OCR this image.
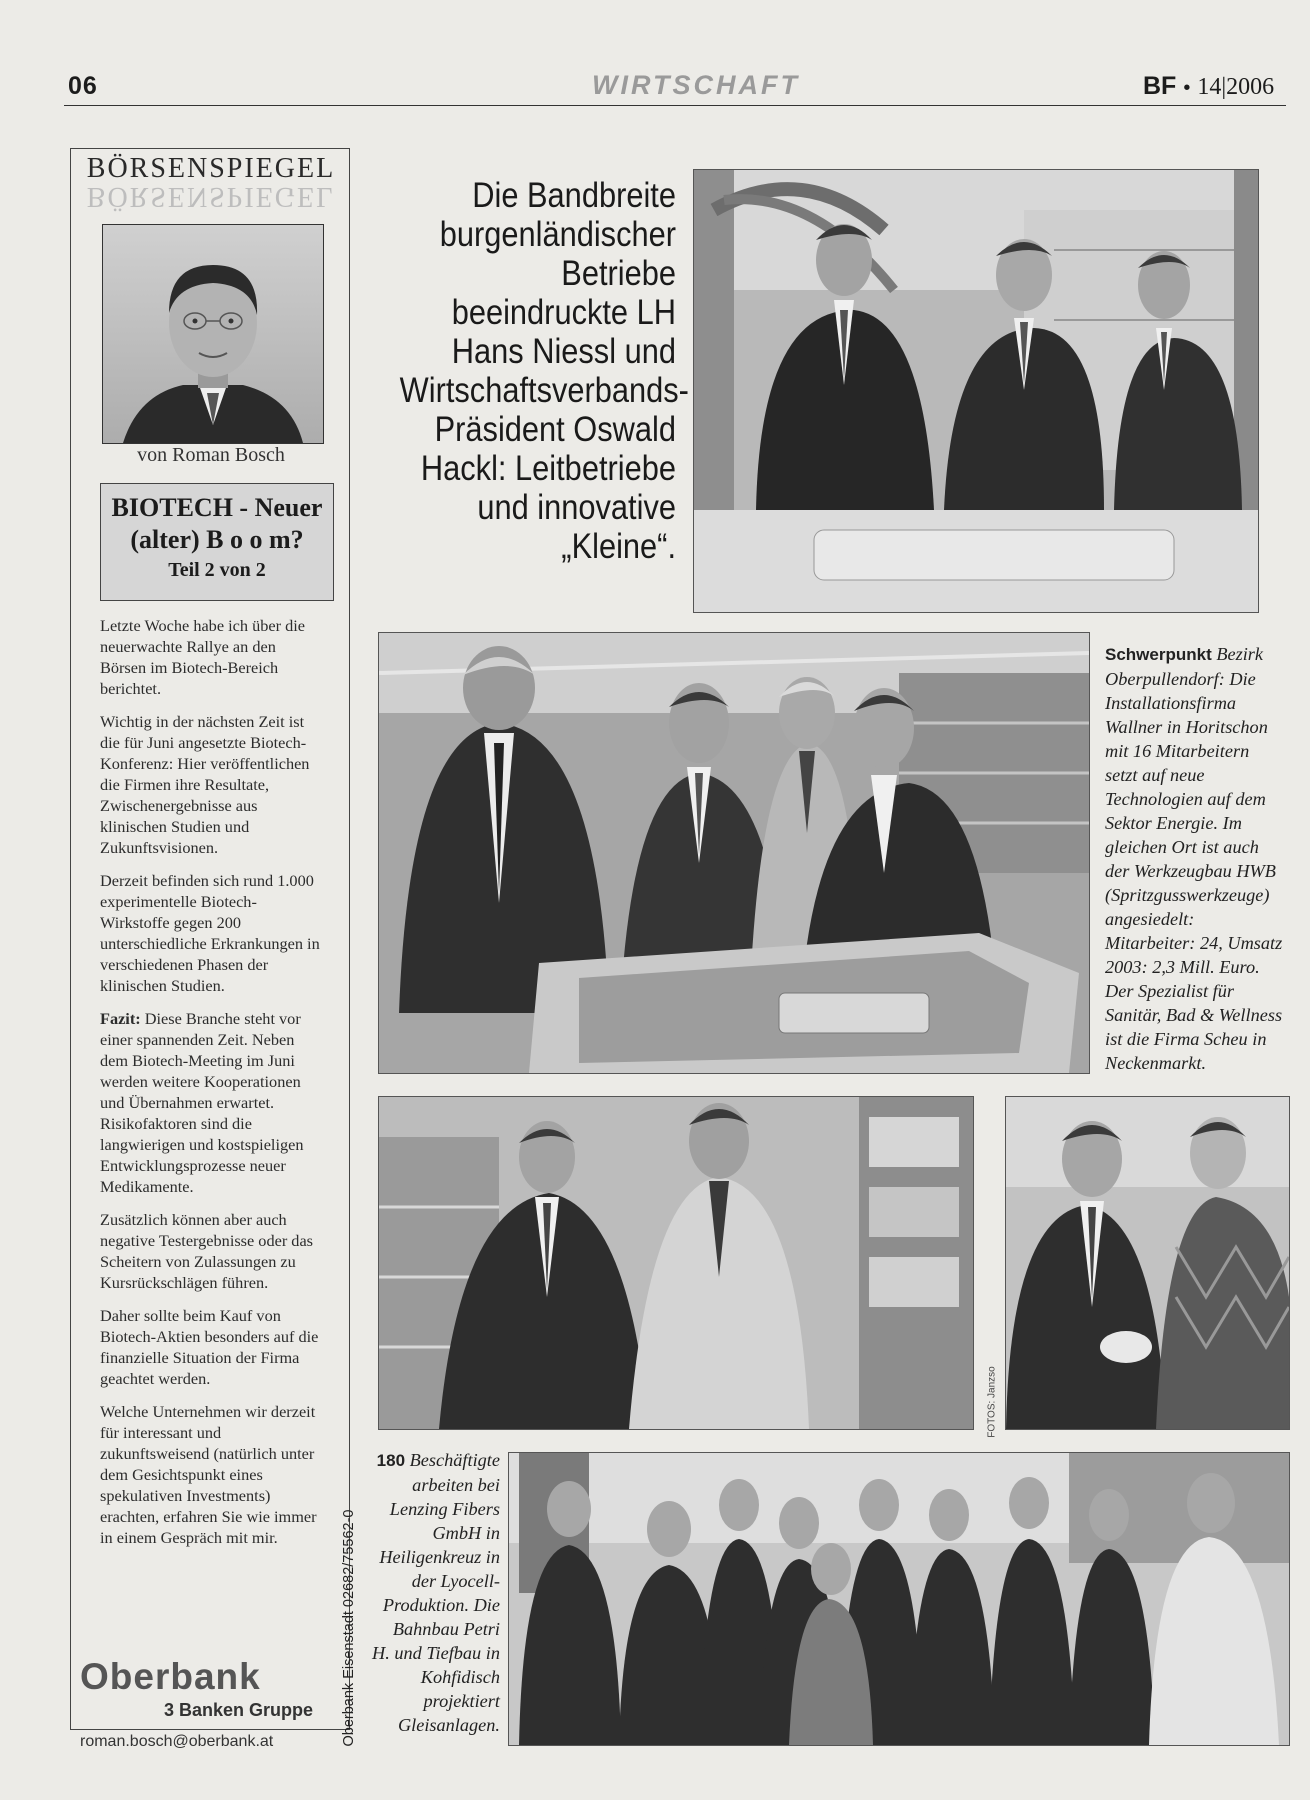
06	WIRTSCHAFT	BF • 14|2006
BÖRSENSPIEGEL
BÖRSENSPIEGEL
von Roman Bosch
BIOTECH - Neuer
(alter) B o o m?
Teil 2 von 2

Letzte Woche habe ich über die neuerwachte Rallye an den Börsen im Biotech-Bereich berichtet.

Wichtig in der nächsten Zeit ist die für Juni angesetzte Biotech-Konferenz: Hier veröffentlichen die Firmen ihre Resultate, Zwischenergebnisse aus klinischen Studien und Zukunftsvisionen.

Derzeit befinden sich rund 1.000 experimentelle Biotech-Wirkstoffe gegen 200 unterschiedliche Erkrankungen in verschiedenen Phasen der klinischen Studien.

Fazit: Diese Branche steht vor einer spannenden Zeit. Neben dem Biotech-Meeting im Juni werden weitere Kooperationen und Übernahmen erwartet. Risikofaktoren sind die langwierigen und kostspieligen Entwicklungsprozesse neuer Medikamente.

Zusätzlich können aber auch negative Testergebnisse oder das Scheitern von Zulassungen zu Kursrückschlägen führen.

Daher sollte beim Kauf von Biotech-Aktien besonders auf die finanzielle Situation der Firma geachtet werden.

Welche Unternehmen wir derzeit für interessant und zukunftsweisend (natürlich unter dem Gesichtspunkt eines spekulativen Investments) erachten, erfahren Sie wie immer in einem Gespräch mit mir.	Oberbank Eisenstadt 02682/75562-0
Oberbank
3 Banken Gruppe
roman.bosch@oberbank.at
Die Bandbreite burgenländischer Betriebe beeindruckte LH Hans Niessl und Wirtschaftsverbands-Präsident Oswald Hackl: Leitbetriebe und innovative „Kleine“.
FOTOS: Janzso
Schwerpunkt Bezirk Oberpullendorf: Die Installationsfirma Wallner in Horitschon mit 16 Mitarbeitern setzt auf neue Technologien auf dem Sektor Energie. Im gleichen Ort ist auch der Werkzeugbau HWB (Spritzgusswerkzeuge) angesiedelt: Mitarbeiter: 24, Umsatz 2003: 2,3 Mill. Euro. Der Spezialist für Sanitär, Bad & Wellness ist die Firma Scheu in Neckenmarkt.
180 Beschäftigte arbeiten bei Lenzing Fibers GmbH in Heiligenkreuz in der Lyocell-Produktion. Die Bahnbau Petri H. und Tiefbau in Kohfidisch projektiert Gleisanlagen.
